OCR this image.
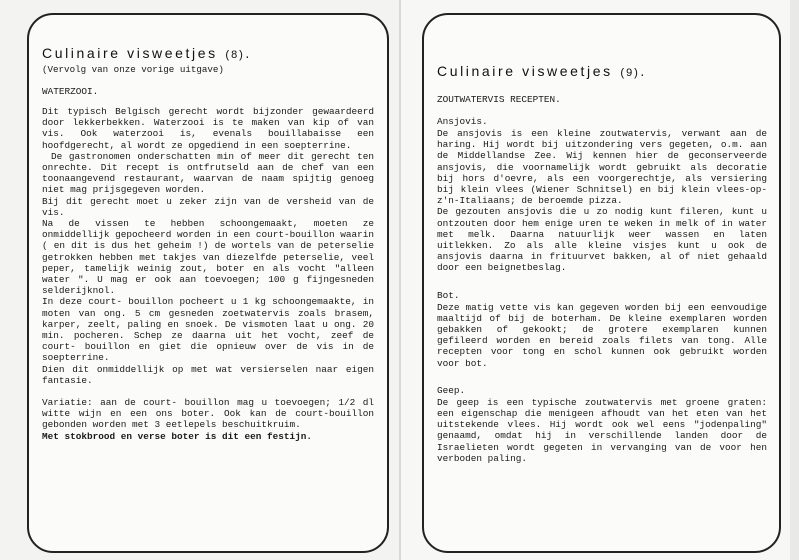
Culinaire visweetjes (8).
(Vervolg van onze vorige uitgave)
WATERZOOI.

Dit typisch Belgisch gerecht wordt bijzonder gewaardeerd door lekkerbekken. Waterzooi is te maken van kip of van vis. Ook waterzooi is, evenals bouillabaisse een hoofdgerecht, al wordt ze opgediend in een soepterrine.

De gastronomen onderschatten min of meer dit gerecht ten onrechte. Dit recept is ontfrutseld aan de chef van een toonaangevend restaurant, waarvan de naam spijtig genoeg niet mag prijsgegeven worden.

Bij dit gerecht moet u zeker zijn van de versheid van de vis.

Na de vissen te hebben schoongemaakt, moeten ze onmiddellijk gepocheerd worden in een court-bouillon waarin ( en dit is dus het geheim !) de wortels van de peterselie getrokken hebben met takjes van diezelfde peterselie, veel peper, tamelijk weinig zout, boter en als vocht "alleen water ". U mag er ook aan toevoegen; 100 g fijngesneden selderijknol.

In deze court- bouillon pocheert u 1 kg schoongemaakte, in moten van ong. 5 cm gesneden zoetwatervis zoals brasem, karper, zeelt, paling en snoek. De vismoten laat u ong. 20 min. pocheren. Schep ze daarna uit het vocht, zeef de court- bouillon en giet die opnieuw over de vis in de soepterrine.

Dien dit onmiddellijk op met wat versierselen naar eigen fantasie.

Variatie: aan de court- bouillon mag u toevoegen; 1/2 dl witte wijn en een ons boter. Ook kan de court-bouillon gebonden worden met 3 eetlepels beschuitkruim.

Met stokbrood en verse boter is dit een festijn.

Culinaire visweetjes (9).
ZOUTWATERVIS RECEPTEN.
Ansjovis.

De ansjovis is een kleine zoutwatervis, verwant aan de haring. Hij wordt bij uitzondering vers gegeten, o.m. aan de Middellandse Zee. Wij kennen hier de geconserveerde ansjovis, die voornamelijk wordt gebruikt als decoratie bij hors d'oevre, als een voorgerechtje, als versiering bij klein vlees (Wiener Schnitsel) en bij klein vlees-op-z'n-Italiaans; de beroemde pizza.

De gezouten ansjovis die u zo nodig kunt fileren, kunt u ontzouten door hem enige uren te weken in melk of in water met melk. Daarna natuurlijk weer wassen en laten uitlekken. Zo als alle kleine visjes kunt u ook de ansjovis daarna in frituurvet bakken, al of niet gehaald door een beignetbeslag.

Bot.

Deze matig vette vis kan gegeven worden bij een eenvoudige maaltijd of bij de boterham. De kleine exemplaren worden gebakken of gekookt; de grotere exemplaren kunnen gefileerd worden en bereid zoals filets van tong. Alle recepten voor tong en schol kunnen ook gebruikt worden voor bot.

Geep.

De geep is een typische zoutwatervis met groene graten: een eigenschap die menigeen afhoudt van het eten van het uitstekende vlees. Hij wordt ook wel eens "jodenpaling" genaamd, omdat hij in verschillende landen door de Israelieten wordt gegeten in vervanging van de voor hen verboden paling.
